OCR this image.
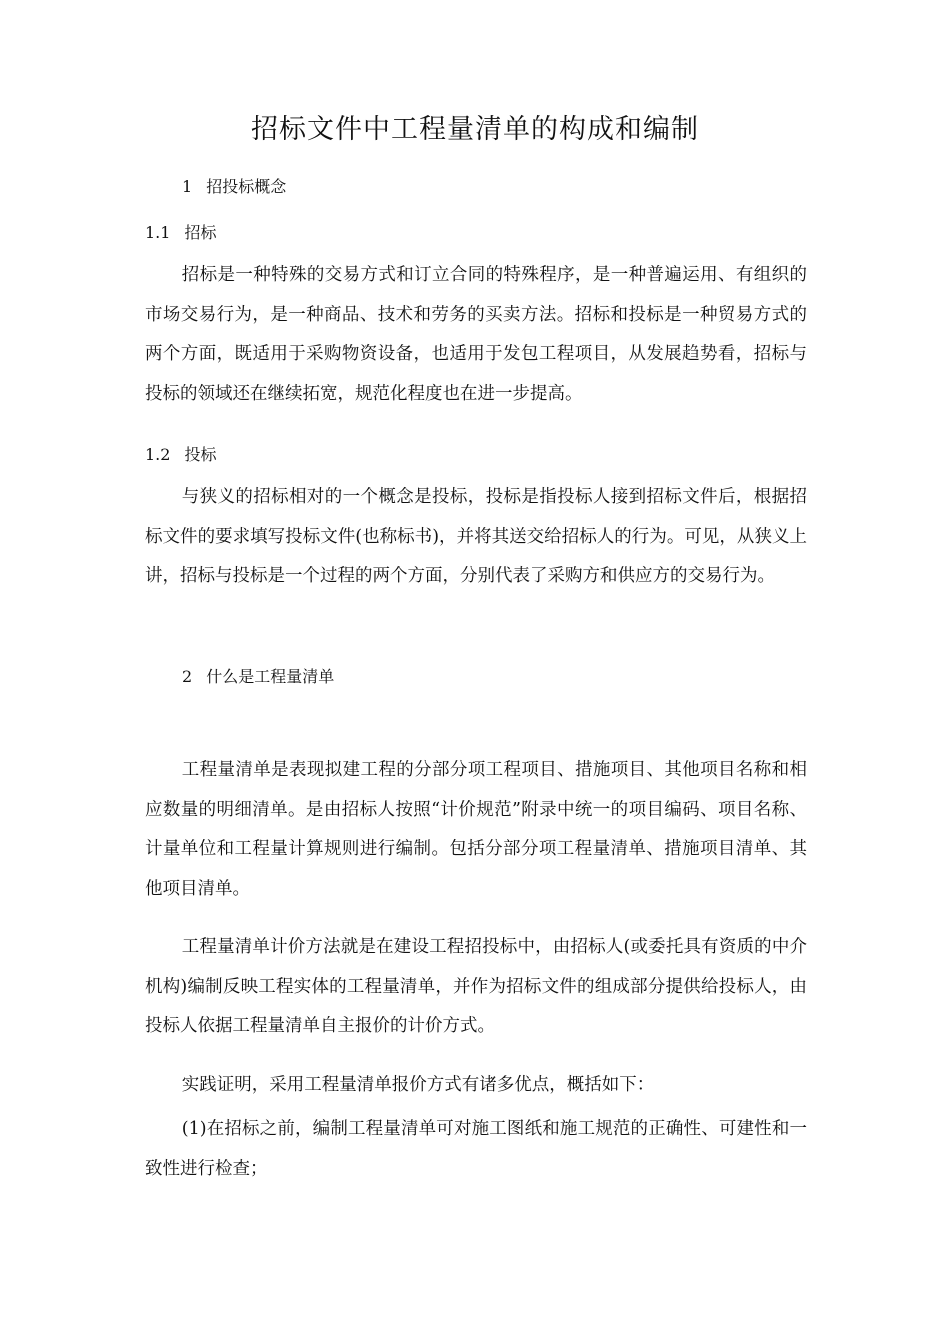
招标文件中工程量清单的构成和编制
1 招投标概念
1.1 招标

招标是一种特殊的交易方式和订立合同的特殊程序，是一种普遍运用、有组织的市场交易行为，是一种商品、技术和劳务的买卖方法。招标和投标是一种贸易方式的两个方面，既适用于采购物资设备，也适用于发包工程项目，从发展趋势看，招标与投标的领域还在继续拓宽，规范化程度也在进一步提高。

1.2 投标

与狭义的招标相对的一个概念是投标，投标是指投标人接到招标文件后，根据招标文件的要求填写投标文件(也称标书)，并将其送交给招标人的行为。可见，从狭义上讲，招标与投标是一个过程的两个方面，分别代表了采购方和供应方的交易行为。

2 什么是工程量清单

工程量清单是表现拟建工程的分部分项工程项目、措施项目、其他项目名称和相应数量的明细清单。是由招标人按照“计价规范”附录中统一的项目编码、项目名称、计量单位和工程量计算规则进行编制。包括分部分项工程量清单、措施项目清单、其他项目清单。

工程量清单计价方法就是在建设工程招投标中，由招标人(或委托具有资质的中介机构)编制反映工程实体的工程量清单，并作为招标文件的组成部分提供给投标人，由投标人依据工程量清单自主报价的计价方式。

实践证明，采用工程量清单报价方式有诸多优点，概括如下：

(1)在招标之前，编制工程量清单可对施工图纸和施工规范的正确性、可建性和一致性进行检查；
